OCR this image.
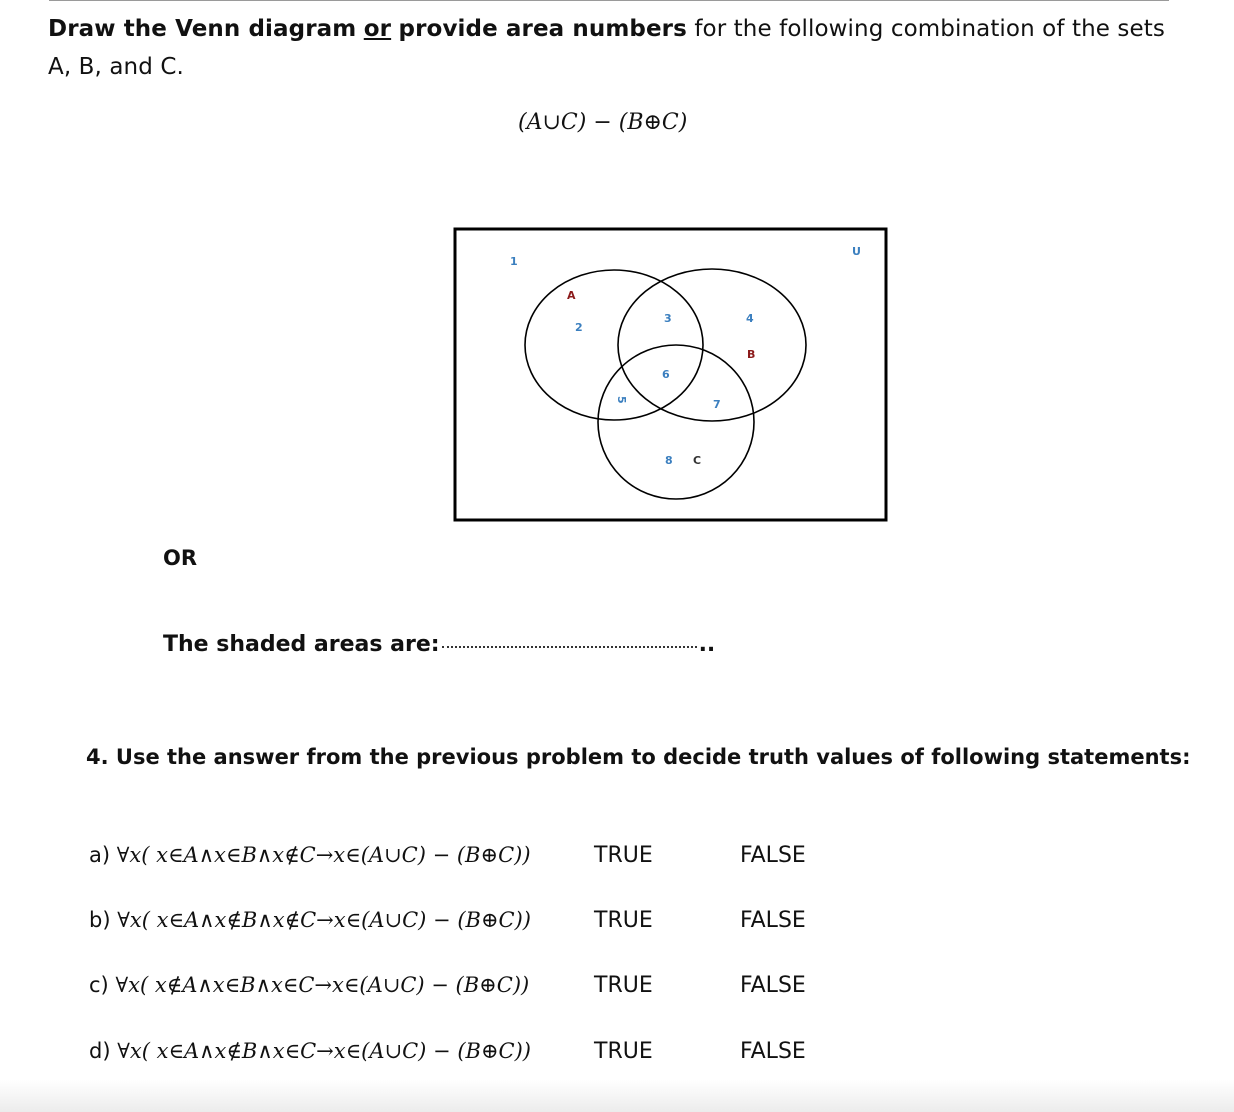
Draw the Venn diagram or provide area numbers for the following combination of the sets A, B, and C.
(A∪C) − (B⊕C)
U
A
B
C
1
2
3	4
5
6
7
8
OR
The shaded areas are:	..
4. Use the answer from the previous problem to decide truth values of following statements:
a) ∀x( x∈A∧x∈B∧x∉C→x∈(A∪C) − (B⊕C))	TRUE	FALSE
b) ∀x( x∈A∧x∉B∧x∉C→x∈(A∪C) − (B⊕C))	TRUE	FALSE
c) ∀x( x∉A∧x∈B∧x∈C→x∈(A∪C) − (B⊕C))	TRUE	FALSE
d) ∀x( x∈A∧x∉B∧x∈C→x∈(A∪C) − (B⊕C))	TRUE	FALSE
